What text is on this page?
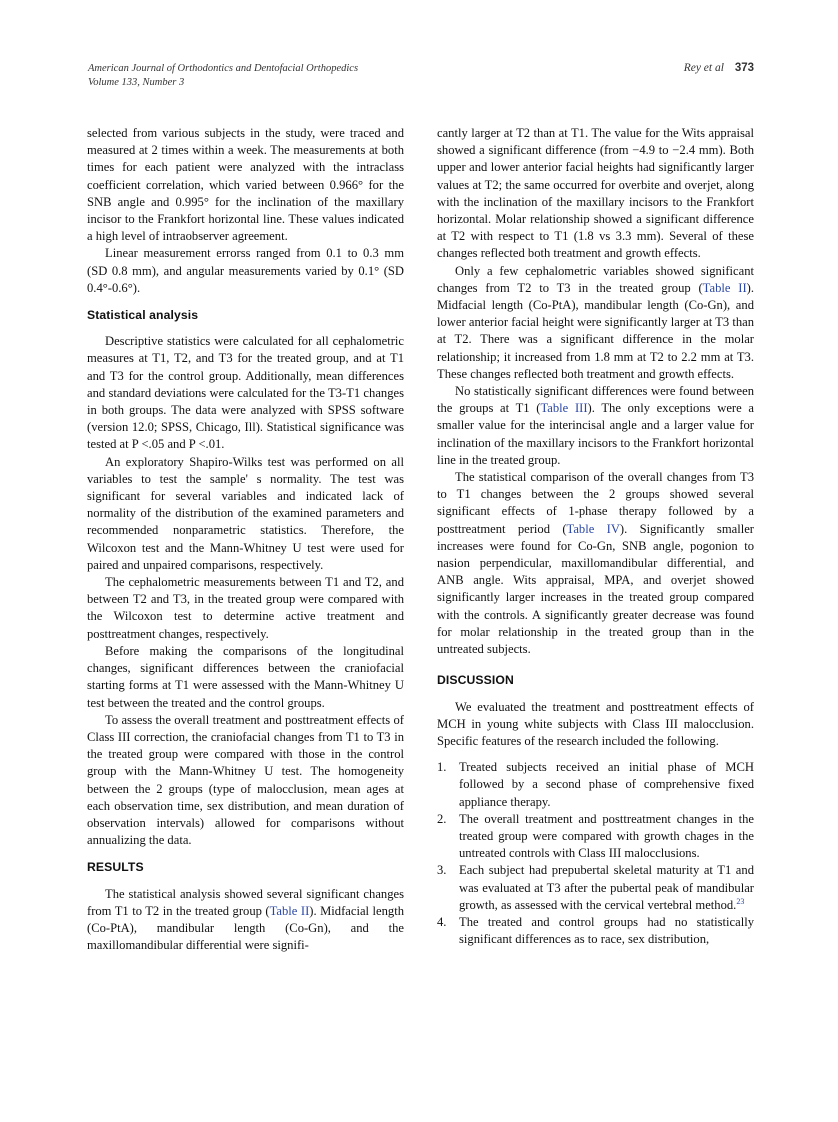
American Journal of Orthodontics and Dentofacial Orthopedics
Volume 133, Number 3
Rey et al 373

selected from various subjects in the study, were traced and measured at 2 times within a week. The measurements at both times for each patient were analyzed with the intraclass coefficient correlation, which varied between 0.966° for the SNB angle and 0.995° for the inclination of the maxillary incisor to the Frankfort horizontal line. These values indicated a high level of intraobserver agreement.

Linear measurement errorss ranged from 0.1 to 0.3 mm (SD 0.8 mm), and angular measurements varied by 0.1° (SD 0.4°-0.6°).

Statistical analysis

Descriptive statistics were calculated for all cephalometric measures at T1, T2, and T3 for the treated group, and at T1 and T3 for the control group. Additionally, mean differences and standard deviations were calculated for the T3-T1 changes in both groups. The data were analyzed with SPSS software (version 12.0; SPSS, Chicago, Ill). Statistical significance was tested at P <.05 and P <.01.

An exploratory Shapiro-Wilks test was performed on all variables to test the sample' s normality. The test was significant for several variables and indicated lack of normality of the distribution of the examined parameters and recommended nonparametric statistics. Therefore, the Wilcoxon test and the Mann-Whitney U test were used for paired and unpaired comparisons, respectively.

The cephalometric measurements between T1 and T2, and between T2 and T3, in the treated group were compared with the Wilcoxon test to determine active treatment and posttreatment changes, respectively.

Before making the comparisons of the longitudinal changes, significant differences between the craniofacial starting forms at T1 were assessed with the Mann-Whitney U test between the treated and the control groups.

To assess the overall treatment and posttreatment effects of Class III correction, the craniofacial changes from T1 to T3 in the treated group were compared with those in the control group with the Mann-Whitney U test. The homogeneity between the 2 groups (type of malocclusion, mean ages at each observation time, sex distribution, and mean duration of observation intervals) allowed for comparisons without annualizing the data.

RESULTS

The statistical analysis showed several significant changes from T1 to T2 in the treated group (Table II). Midfacial length (Co-PtA), mandibular length (Co-Gn), and the maxillomandibular differential were signifi-

cantly larger at T2 than at T1. The value for the Wits appraisal showed a significant difference (from −4.9 to −2.4 mm). Both upper and lower anterior facial heights had significantly larger values at T2; the same occurred for overbite and overjet, along with the inclination of the maxillary incisors to the Frankfort horizontal. Molar relationship showed a significant difference at T2 with respect to T1 (1.8 vs 3.3 mm). Several of these changes reflected both treatment and growth effects.

Only a few cephalometric variables showed significant changes from T2 to T3 in the treated group (Table II). Midfacial length (Co-PtA), mandibular length (Co-Gn), and lower anterior facial height were significantly larger at T3 than at T2. There was a significant difference in the molar relationship; it increased from 1.8 mm at T2 to 2.2 mm at T3. These changes reflected both treatment and growth effects.

No statistically significant differences were found between the groups at T1 (Table III). The only exceptions were a smaller value for the interincisal angle and a larger value for inclination of the maxillary incisors to the Frankfort horizontal line in the treated group.

The statistical comparison of the overall changes from T3 to T1 changes between the 2 groups showed several significant effects of 1-phase therapy followed by a posttreatment period (Table IV). Significantly smaller increases were found for Co-Gn, SNB angle, pogonion to nasion perpendicular, maxillomandibular differential, and ANB angle. Wits appraisal, MPA, and overjet showed significantly larger increases in the treated group compared with the controls. A significantly greater decrease was found for molar relationship in the treated group than in the untreated subjects.

DISCUSSION

We evaluated the treatment and posttreatment effects of MCH in young white subjects with Class III malocclusion. Specific features of the research included the following.

1. Treated subjects received an initial phase of MCH followed by a second phase of comprehensive fixed appliance therapy.
2. The overall treatment and posttreatment changes in the treated group were compared with growth chages in the untreated controls with Class III malocclusions.
3. Each subject had prepubertal skeletal maturity at T1 and was evaluated at T3 after the pubertal peak of mandibular growth, as assessed with the cervical vertebral method.$^{23}$
4. The treated and control groups had no statistically significant differences as to race, sex distribution,
